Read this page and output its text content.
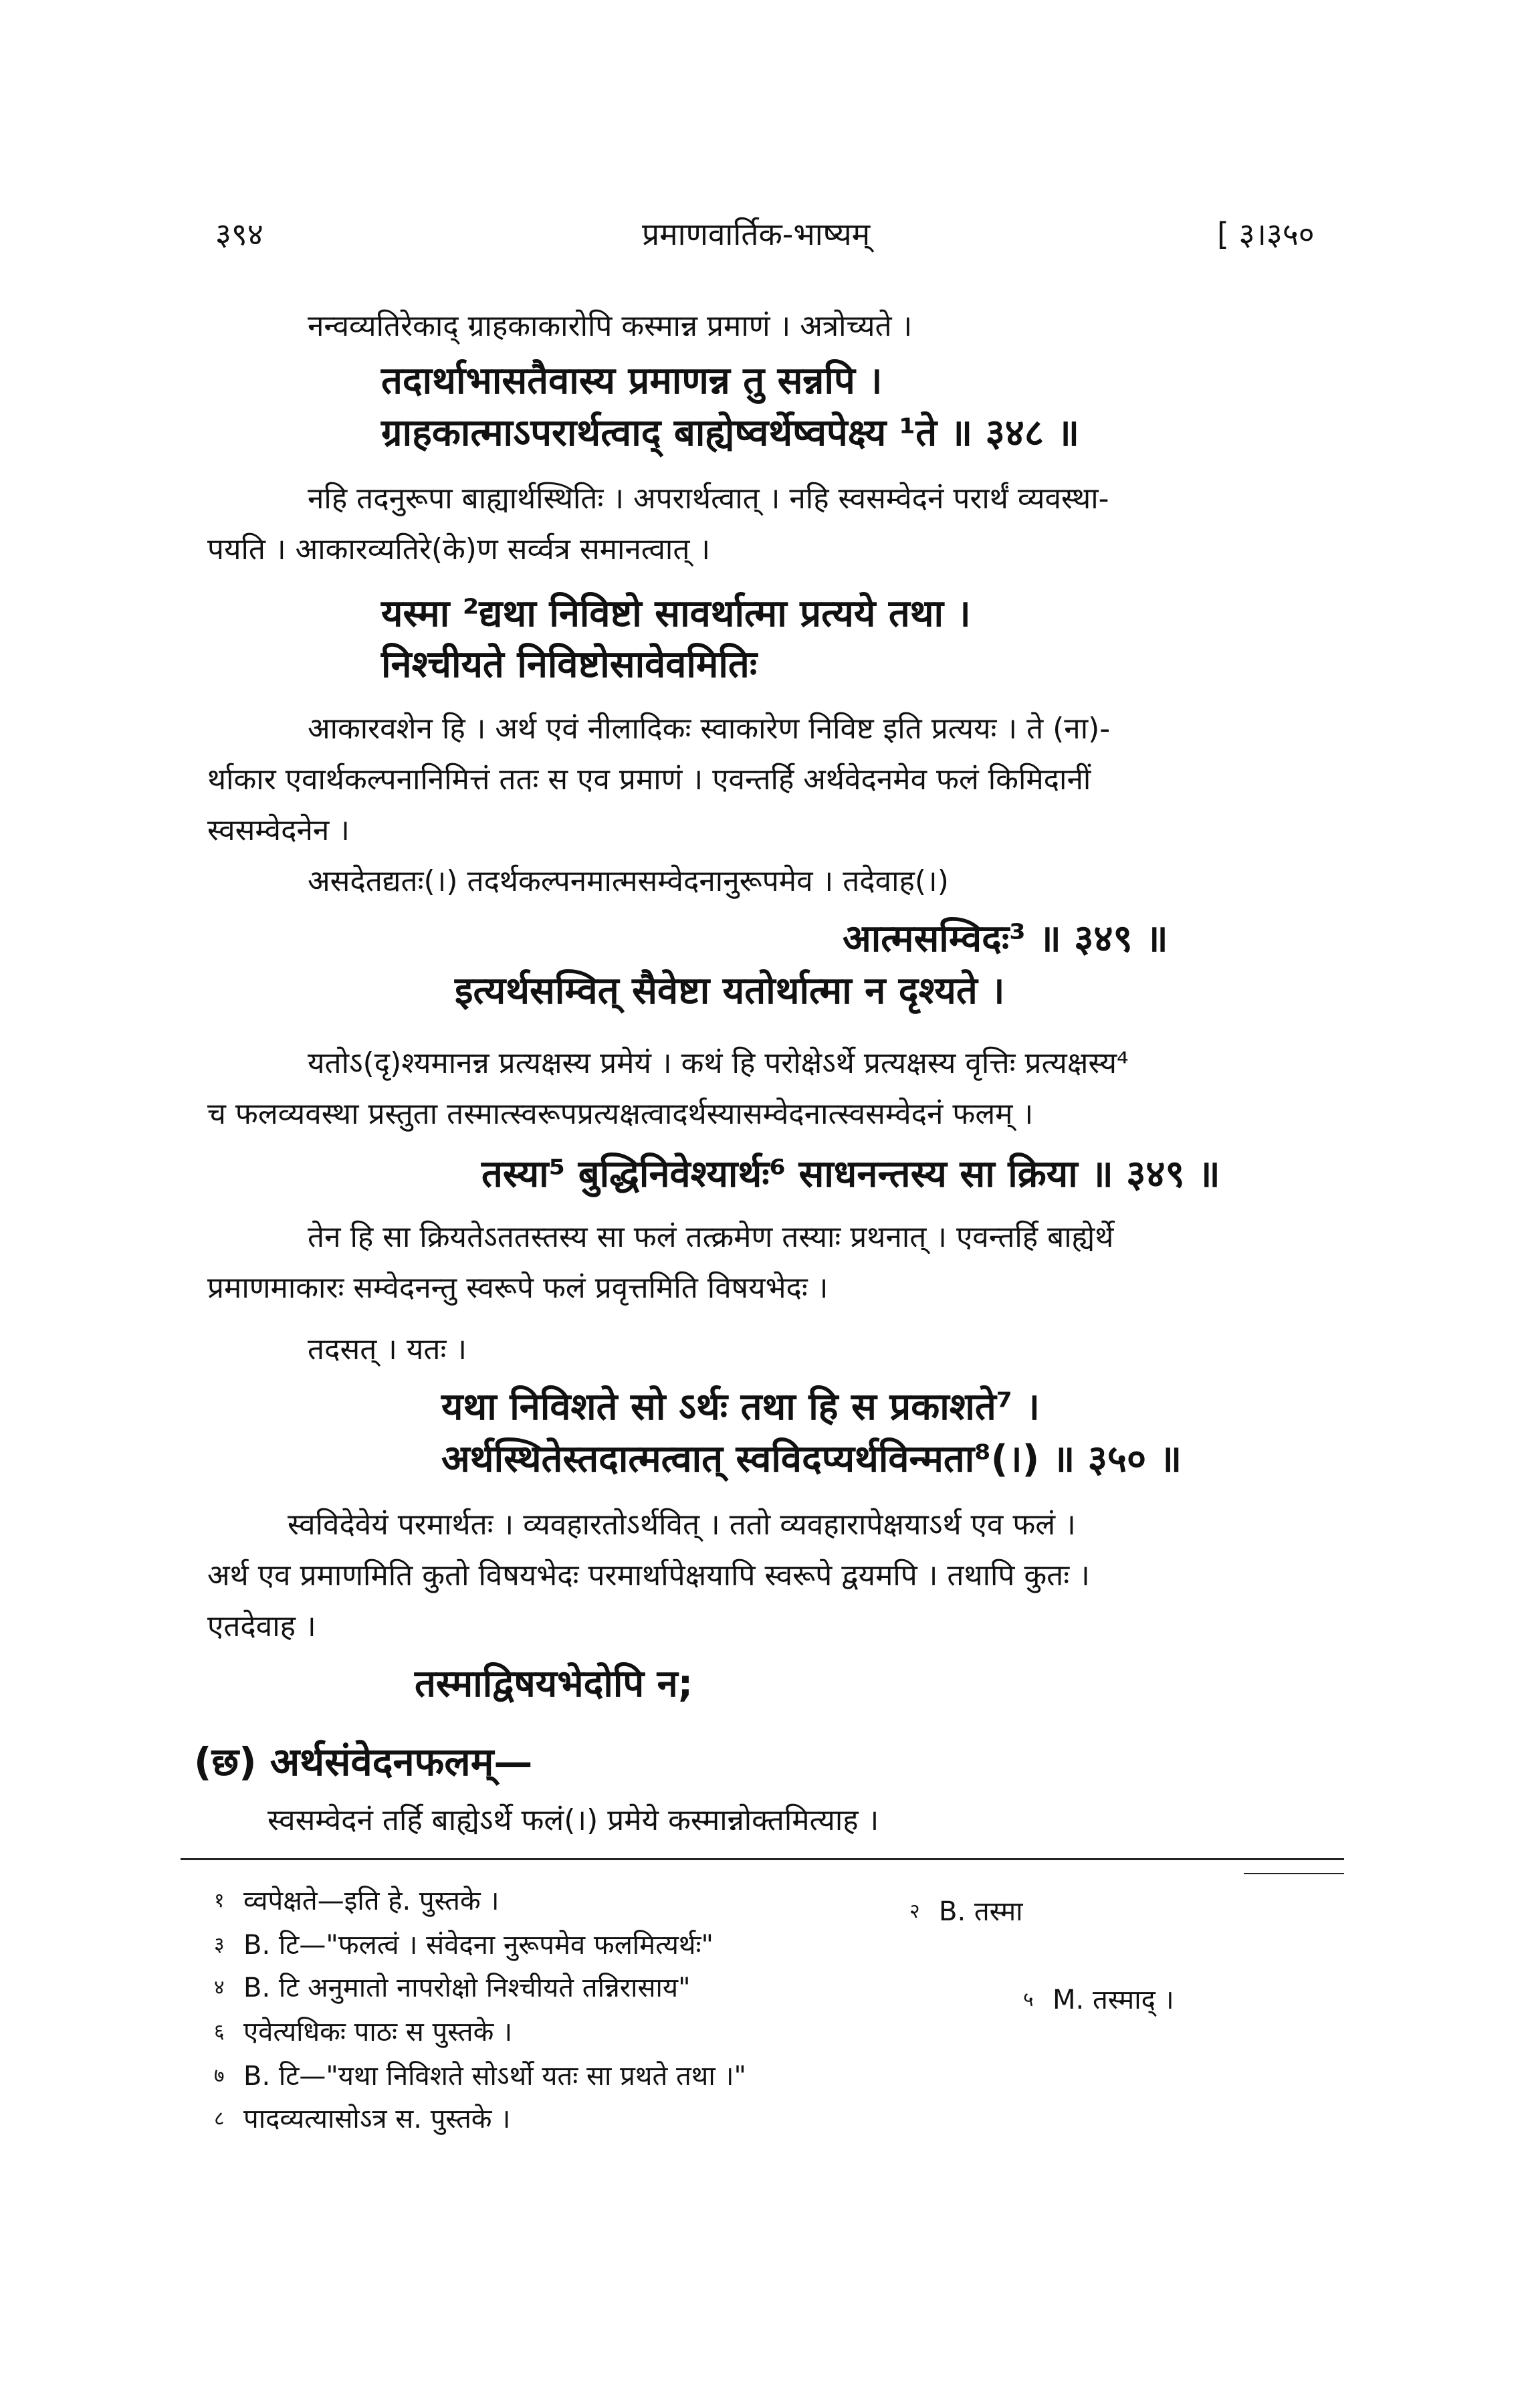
३९४	प्रमाणवार्तिक-भाष्यम्	[ ३।३५०
नन्वव्यतिरेकाद् ग्राहकाकारोपि कस्मान्न प्रमाणं । अत्रोच्यते ।
तदार्थाभासतैवास्य प्रमाणन्न तु सन्नपि ।
ग्राहकात्माऽपरार्थत्वाद् बाह्येष्वर्थेष्वपेक्ष्य ¹ते ॥ ३४८ ॥
नहि तदनुरूपा बाह्यार्थस्थितिः । अपरार्थत्वात् । नहि स्वसम्वेदनं परार्थं व्यवस्था-
पयति । आकारव्यतिरे(के)ण सर्व्वत्र समानत्वात् ।
यस्मा ²द्यथा निविष्टो सावर्थात्मा प्रत्यये तथा ।
निश्चीयते निविष्टोसावेवमितिः
आकारवशेन हि । अर्थ एवं नीलादिकः स्वाकारेण निविष्ट इति प्रत्ययः । ते (ना)-
र्थाकार एवार्थकल्पनानिमित्तं ततः स एव प्रमाणं । एवन्तर्हि अर्थवेदनमेव फलं किमिदानीं
स्वसम्वेदनेन ।
असदेतद्यतः(।) तदर्थकल्पनमात्मसम्वेदनानुरूपमेव । तदेवाह(।)
आत्मसम्विदः³ ॥ ३४९ ॥
इत्यर्थसम्वित् सैवेष्टा यतोर्थात्मा न दृश्यते ।
यतोऽ(दृ)श्यमानन्न प्रत्यक्षस्य प्रमेयं । कथं हि परोक्षेऽर्थे प्रत्यक्षस्य वृत्तिः प्रत्यक्षस्य⁴
च फलव्यवस्था प्रस्तुता तस्मात्स्वरूपप्रत्यक्षत्वादर्थस्यासम्वेदनात्स्वसम्वेदनं फलम् ।
तस्या⁵ बुद्धिनिवेश्यार्थः⁶ साधनन्तस्य सा क्रिया ॥ ३४९ ॥
तेन हि सा क्रियतेऽततस्तस्य सा फलं तत्क्रमेण तस्याः प्रथनात् । एवन्तर्हि बाह्येर्थे
प्रमाणमाकारः सम्वेदनन्तु स्वरूपे फलं प्रवृत्तमिति विषयभेदः ।
तदसत् । यतः ।
यथा निविशते सो ऽर्थः तथा हि स प्रकाशते⁷ ।
अर्थस्थितेस्तदात्मत्वात् स्वविदप्यर्थविन्मता⁸(।) ॥ ३५० ॥
स्वविदेवेयं परमार्थतः । व्यवहारतोऽर्थवित् । ततो व्यवहारापेक्षयाऽर्थ एव फलं ।
अर्थ एव प्रमाणमिति कुतो विषयभेदः परमार्थापेक्षयापि स्वरूपे द्वयमपि । तथापि कुतः ।
एतदेवाह ।
तस्माद्विषयभेदोपि न;
(छ) अर्थसंवेदनफलम्—
स्वसम्वेदनं तर्हि बाह्येऽर्थे फलं(।) प्रमेये कस्मान्नोक्तमित्याह ।
१ व्वपेक्षते—इति हे. पुस्तके ।	२ B. तस्मा
३ B. टि—"फलत्वं । संवेदना नुरूपमेव फलमित्यर्थः"
४ B. टि अनुमातो नापरोक्षो निश्चीयते तन्निरासाय"	५ M. तस्माद् ।
६ एवेत्यधिकः पाठः स पुस्तके ।
७ B. टि—"यथा निविशते सोऽर्थो यतः सा प्रथते तथा ।"
८ पादव्यत्यासोऽत्र स. पुस्तके ।
